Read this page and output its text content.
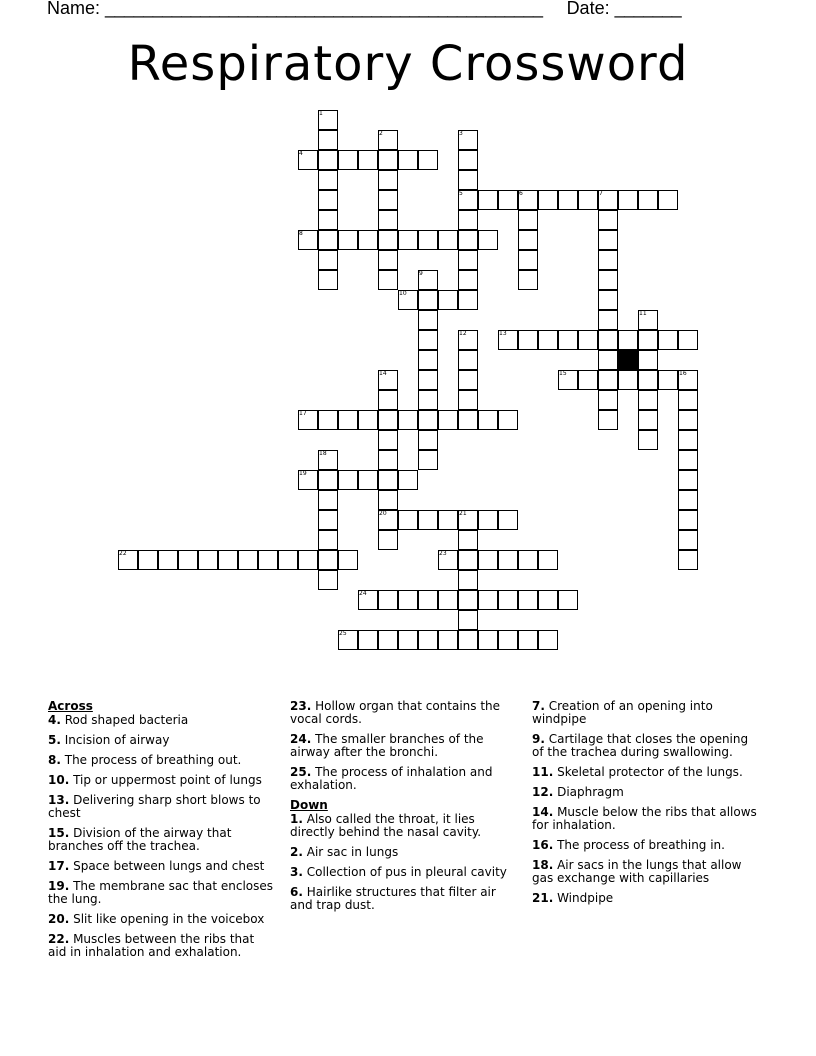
Name: ______________________________________________ Date: _______
Respiratory Crossword
1
2	3
4
5	6	7
8
9
10
11
12	13
14	15	16
17
18
19
20	21
22	23
24
25
Across
4. Rod shaped bacteria
5. Incision of airway
8. The process of breathing out.
10. Tip or uppermost point of lungs
13. Delivering sharp short blows to chest
15. Division of the airway that branches off the trachea.
17. Space between lungs and chest
19. The membrane sac that encloses the lung.
20. Slit like opening in the voicebox
22. Muscles between the ribs that aid in inhalation and exhalation.
23. Hollow organ that contains the vocal cords.
24. The smaller branches of the airway after the bronchi.
25. The process of inhalation and exhalation.
Down
1. Also called the throat, it lies directly behind the nasal cavity.
2. Air sac in lungs
3. Collection of pus in pleural cavity
6. Hairlike structures that filter air and trap dust.
7. Creation of an opening into windpipe
9. Cartilage that closes the opening of the trachea during swallowing.
11. Skeletal protector of the lungs.
12. Diaphragm
14. Muscle below the ribs that allows for inhalation.
16. The process of breathing in.
18. Air sacs in the lungs that allow gas exchange with capillaries
21. Windpipe
